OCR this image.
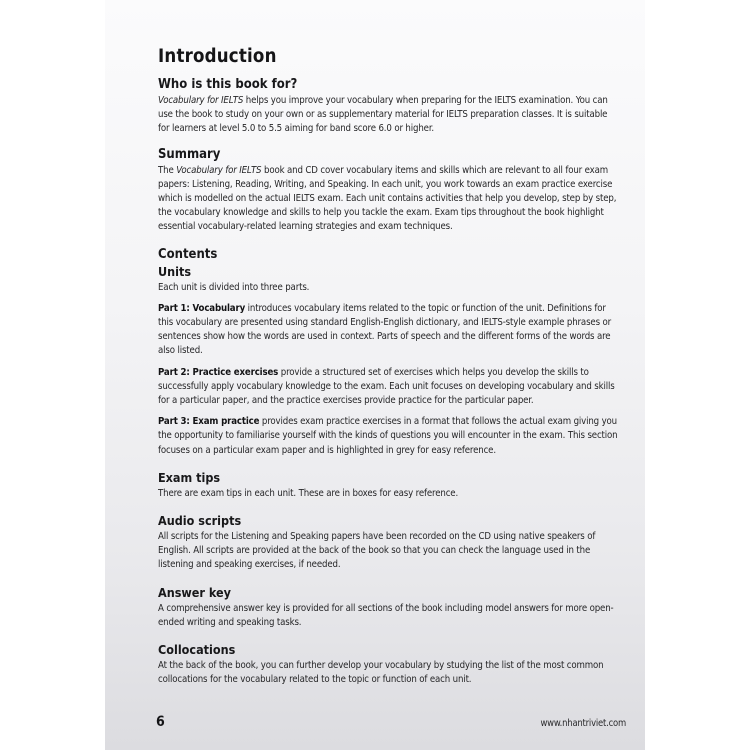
Introduction
Who is this book for?

Vocabulary for IELTS helps you improve your vocabulary when preparing for the IELTS examination. You can use the book to study on your own or as supplementary material for IELTS preparation classes. It is suitable for learners at level 5.0 to 5.5 aiming for band score 6.0 or higher.

Summary

The Vocabulary for IELTS book and CD cover vocabulary items and skills which are relevant to all four exam papers: Listening, Reading, Writing, and Speaking. In each unit, you work towards an exam practice exercise which is modelled on the actual IELTS exam. Each unit contains activities that help you develop, step by step, the vocabulary knowledge and skills to help you tackle the exam. Exam tips throughout the book highlight essential vocabulary-related learning strategies and exam techniques.

Contents
Units

Each unit is divided into three parts.

Part 1: Vocabulary introduces vocabulary items related to the topic or function of the unit. Definitions for this vocabulary are presented using standard English-English dictionary, and IELTS-style example phrases or sentences show how the words are used in context. Parts of speech and the different forms of the words are also listed.

Part 2: Practice exercises provide a structured set of exercises which helps you develop the skills to successfully apply vocabulary knowledge to the exam. Each unit focuses on developing vocabulary and skills for a particular paper, and the practice exercises provide practice for the particular paper.

Part 3: Exam practice provides exam practice exercises in a format that follows the actual exam giving you the opportunity to familiarise yourself with the kinds of questions you will encounter in the exam. This section focuses on a particular exam paper and is highlighted in grey for easy reference.

Exam tips

There are exam tips in each unit. These are in boxes for easy reference.

Audio scripts

All scripts for the Listening and Speaking papers have been recorded on the CD using native speakers of English. All scripts are provided at the back of the book so that you can check the language used in the listening and speaking exercises, if needed.

Answer key

A comprehensive answer key is provided for all sections of the book including model answers for more open-ended writing and speaking tasks.

Collocations

At the back of the book, you can further develop your vocabulary by studying the list of the most common collocations for the vocabulary related to the topic or function of each unit.

6	www.nhantriviet.com
